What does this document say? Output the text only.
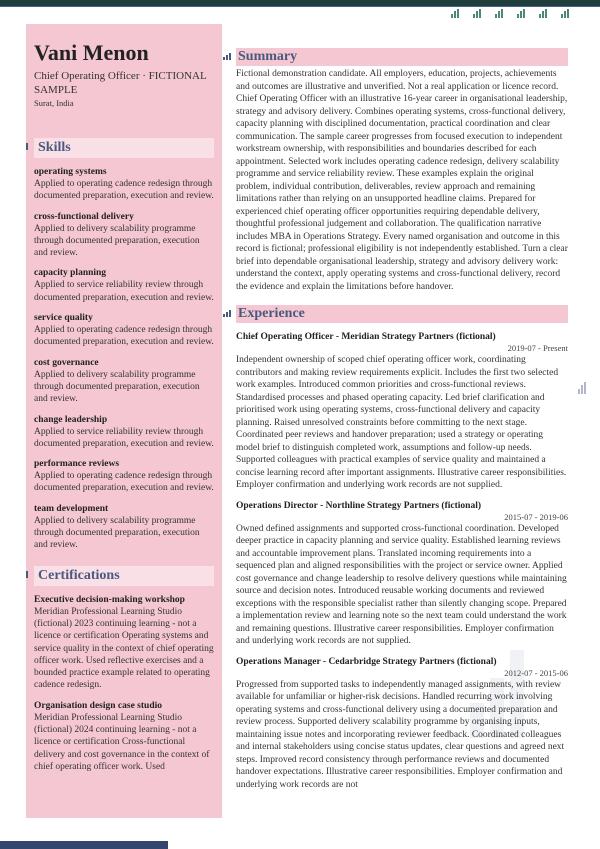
Vani Menon
Chief Operating Officer · FICTIONAL SAMPLE
Surat, India
Skills
operating systems
Applied to operating cadence redesign through documented preparation, execution and review.
cross-functional delivery
Applied to delivery scalability programme through documented preparation, execution and review.
capacity planning
Applied to service reliability review through documented preparation, execution and review.
service quality
Applied to operating cadence redesign through documented preparation, execution and review.
cost governance
Applied to delivery scalability programme through documented preparation, execution and review.
change leadership
Applied to service reliability review through documented preparation, execution and review.
performance reviews
Applied to operating cadence redesign through documented preparation, execution and review.
team development
Applied to delivery scalability programme through documented preparation, execution and review.
Certifications
Executive decision-making workshop
Meridian Professional Learning Studio (fictional) 2023 continuing learning - not a licence or certification Operating systems and service quality in the context of chief operating officer work. Used reflective exercises and a bounded practice example related to operating cadence redesign.
Organisation design case studio
Meridian Professional Learning Studio (fictional) 2024 continuing learning - not a licence or certification Cross-functional delivery and cost governance in the context of chief operating officer work. Used
Summary
Fictional demonstration candidate. All employers, education, projects, achievements and outcomes are illustrative and unverified. Not a real application or licence record. Chief Operating Officer with an illustrative 16-year career in organisational leadership, strategy and advisory delivery. Combines operating systems, cross-functional delivery, capacity planning with disciplined documentation, practical coordination and clear communication. The sample career progresses from focused execution to independent workstream ownership, with responsibilities and boundaries described for each appointment. Selected work includes operating cadence redesign, delivery scalability programme and service reliability review. These examples explain the original problem, individual contribution, deliverables, review approach and remaining limitations rather than relying on an unsupported headline claims. Prepared for experienced chief operating officer opportunities requiring dependable delivery, thoughtful professional judgement and collaboration. The qualification narrative includes MBA in Operations Strategy. Every named organisation and outcome in this record is fictional; professional eligibility is not independently established. Turn a clear brief into dependable organisational leadership, strategy and advisory delivery work: understand the context, apply operating systems and cross-functional delivery, record the evidence and explain the limitations before handover.
Experience
Chief Operating Officer - Meridian Strategy Partners (fictional)
2019-07 - Present
Independent ownership of scoped chief operating officer work, coordinating contributors and making review requirements explicit. Includes the first two selected work examples. Introduced common priorities and cross-functional reviews. Standardised processes and phased operating capacity. Led brief clarification and prioritised work using operating systems, cross-functional delivery and capacity planning. Raised unresolved constraints before committing to the next stage. Coordinated peer reviews and handover preparation; used a strategy or operating model brief to distinguish completed work, assumptions and follow-up needs. Supported colleagues with practical examples of service quality and maintained a concise learning record after important assignments. Illustrative career responsibilities. Employer confirmation and underlying work records are not supplied.
Operations Director - Northline Strategy Partners (fictional)
2015-07 - 2019-06
Owned defined assignments and supported cross-functional coordination. Developed deeper practice in capacity planning and service quality. Established learning reviews and accountable improvement plans. Translated incoming requirements into a sequenced plan and aligned responsibilities with the project or service owner. Applied cost governance and change leadership to resolve delivery questions while maintaining source and decision notes. Introduced reusable working documents and reviewed exceptions with the responsible specialist rather than silently changing scope. Prepared a implementation review and learning note so the next team could understand the work and remaining questions. Illustrative career responsibilities. Employer confirmation and underlying work records are not supplied.
Operations Manager - Cedarbridge Strategy Partners (fictional)
2012-07 - 2015-06
Progressed from supported tasks to independently managed assignments, with review available for unfamiliar or higher-risk decisions. Handled recurring work involving operating systems and cross-functional delivery using a documented preparation and review process. Supported delivery scalability programme by organising inputs, maintaining issue notes and incorporating reviewer feedback. Coordinated colleagues and internal stakeholders using concise status updates, clear questions and agreed next steps. Improved record consistency through performance reviews and documented handover expectations. Illustrative career responsibilities. Employer confirmation and underlying work records are not
